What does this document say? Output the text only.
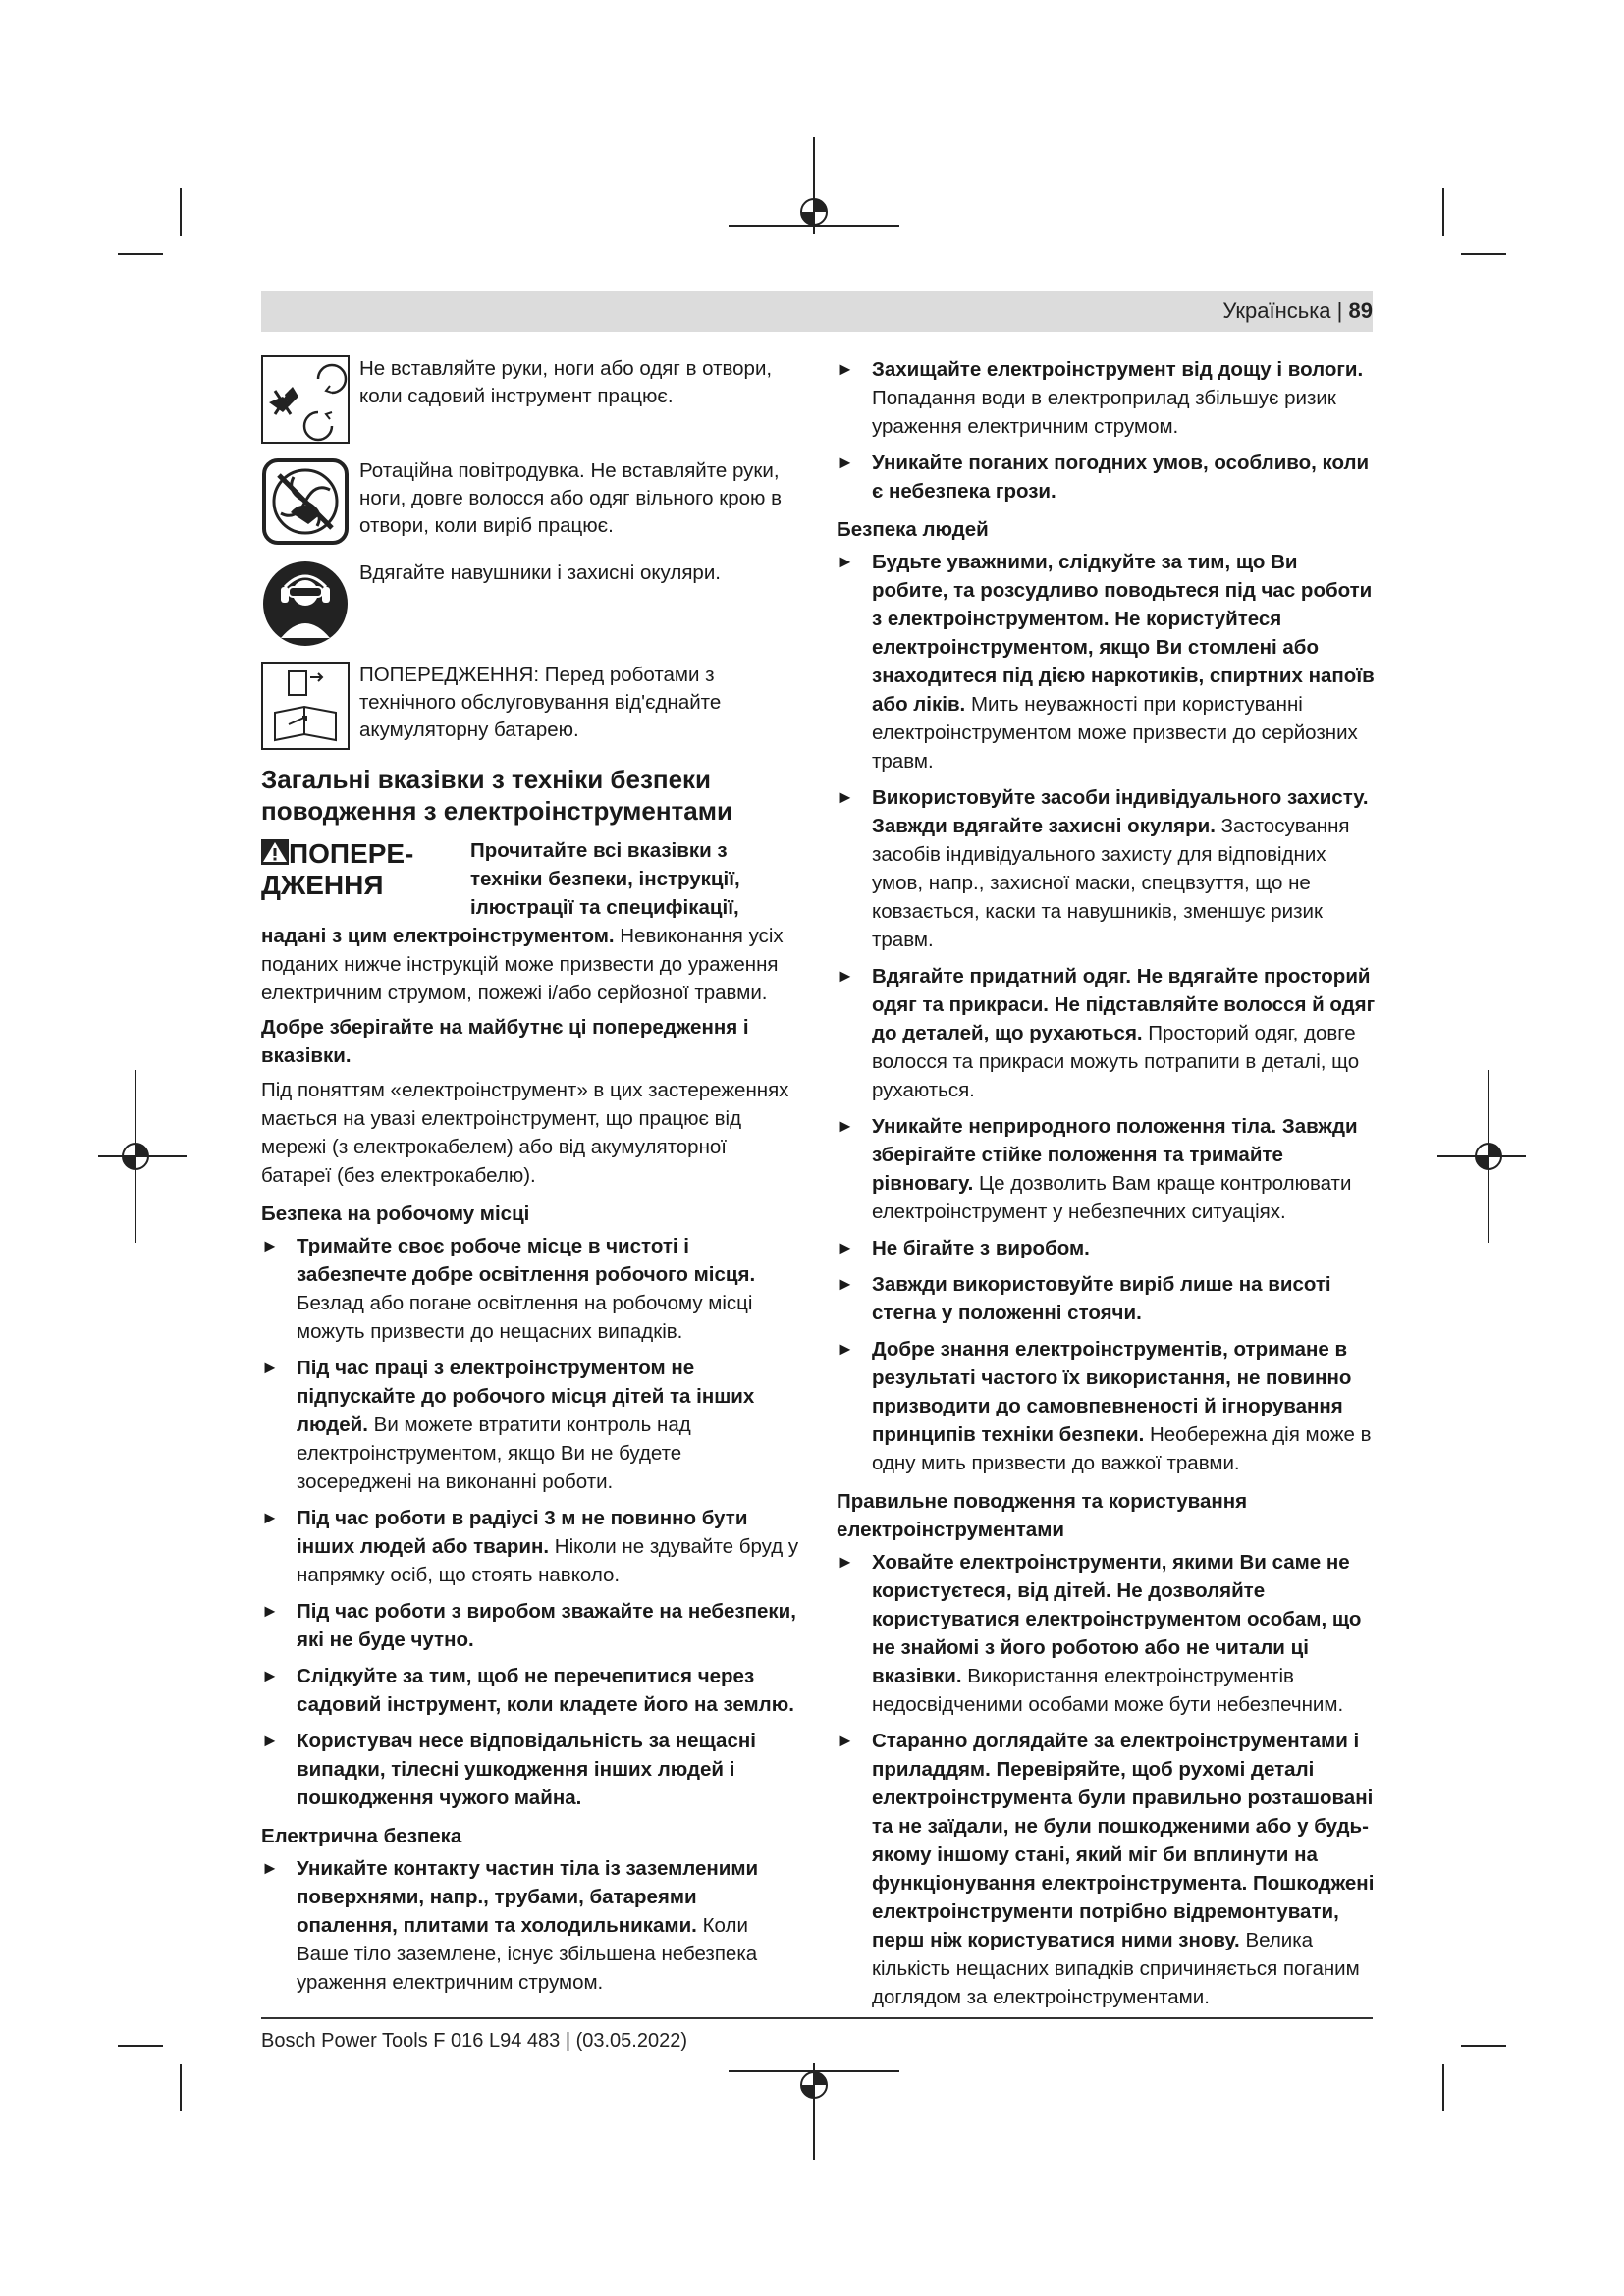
Українська | 89
Не вставляйте руки, ноги або одяг в отвори, коли садовий інструмент працює.
Ротаційна повітродувка. Не вставляйте руки, ноги, довге волосся або одяг вільного крою в отвори, коли виріб працює.
Вдягайте навушники і захисні окуляри.
ПОПЕРЕДЖЕННЯ: Перед роботами з технічного обслуговування від'єднайте акумуляторну батарею.
Загальні вказівки з техніки безпеки поводження з електроінструментами
ПОПЕРЕ-ДЖЕННЯ

Прочитайте всі вказівки з техніки безпеки, інструкції, ілюстрації та специфікації, надані з цим електроінструментом. Невиконання усіх поданих нижче інструкцій може призвести до ураження електричним струмом, пожежі і/або серйозної травми.

Добре зберігайте на майбутнє ці попередження і вказівки.

Під поняттям «електроінструмент» в цих застереженнях мається на увазі електроінструмент, що працює від мережі (з електрокабелем) або від акумуляторної батареї (без електрокабелю).

Безпека на робочому місці
► Тримайте своє робоче місце в чистоті і забезпечте добре освітлення робочого місця. Безлад або погане освітлення на робочому місці можуть призвести до нещасних випадків.
► Під час праці з електроінструментом не підпускайте до робочого місця дітей та інших людей. Ви можете втратити контроль над електроінструментом, якщо Ви не будете зосереджені на виконанні роботи.
► Під час роботи в радіусі 3 м не повинно бути інших людей або тварин. Ніколи не здувайте бруд у напрямку осіб, що стоять навколо.
► Під час роботи з виробом зважайте на небезпеки, які не буде чутно.
► Слідкуйте за тим, щоб не перечепитися через садовий інструмент, коли кладете його на землю.
► Користувач несе відповідальність за нещасні випадки, тілесні ушкодження інших людей і пошкодження чужого майна.
Електрична безпека
► Уникайте контакту частин тіла із заземленими поверхнями, напр., трубами, батареями опалення, плитами та холодильниками. Коли Ваше тіло заземлене, існує збільшена небезпека ураження електричним струмом.
► Захищайте електроінструмент від дощу і вологи. Попадання води в електроприлад збільшує ризик ураження електричним струмом.
► Уникайте поганих погодних умов, особливо, коли є небезпека грози.
Безпека людей
► Будьте уважними, слідкуйте за тим, що Ви робите, та розсудливо поводьтеся під час роботи з електроінструментом. Не користуйтеся електроінструментом, якщо Ви стомлені або знаходитеся під дією наркотиків, спиртних напоїв або ліків. Мить неуважності при користуванні електроінструментом може призвести до серйозних травм.
► Використовуйте засоби індивідуального захисту. Завжди вдягайте захисні окуляри. Застосування засобів індивідуального захисту для відповідних умов, напр., захисної маски, спецвзуття, що не ковзається, каски та навушників, зменшує ризик травм.
► Вдягайте придатний одяг. Не вдягайте просторий одяг та прикраси. Не підставляйте волосся й одяг до деталей, що рухаються. Просторий одяг, довге волосся та прикраси можуть потрапити в деталі, що рухаються.
► Уникайте неприродного положення тіла. Завжди зберігайте стійке положення та тримайте рівновагу. Це дозволить Вам краще контролювати електроінструмент у небезпечних ситуаціях.
► Не бігайте з виробом.
► Завжди використовуйте виріб лише на висоті стегна у положенні стоячи.
► Добре знання електроінструментів, отримане в результаті частого їх використання, не повинно призводити до самовпевненості й ігнорування принципів техніки безпеки. Необережна дія може в одну мить призвести до важкої травми.
Правильне поводження та користування електроінструментами
► Ховайте електроінструменти, якими Ви саме не користуєтеся, від дітей. Не дозволяйте користуватися електроінструментом особам, що не знайомі з його роботою або не читали ці вказівки. Використання електроінструментів недосвідченими особами може бути небезпечним.
► Старанно доглядайте за електроінструментами і приладдям. Перевіряйте, щоб рухомі деталі електроінструмента були правильно розташовані та не заїдали, не були пошкодженими або у будь-якому іншому стані, який міг би вплинути на функціонування електроінструмента. Пошкоджені електроінструменти потрібно відремонтувати, перш ніж користуватися ними знову. Велика кількість нещасних випадків спричиняється поганим доглядом за електроінструментами.
Bosch Power Tools F 016 L94 483 | (03.05.2022)
